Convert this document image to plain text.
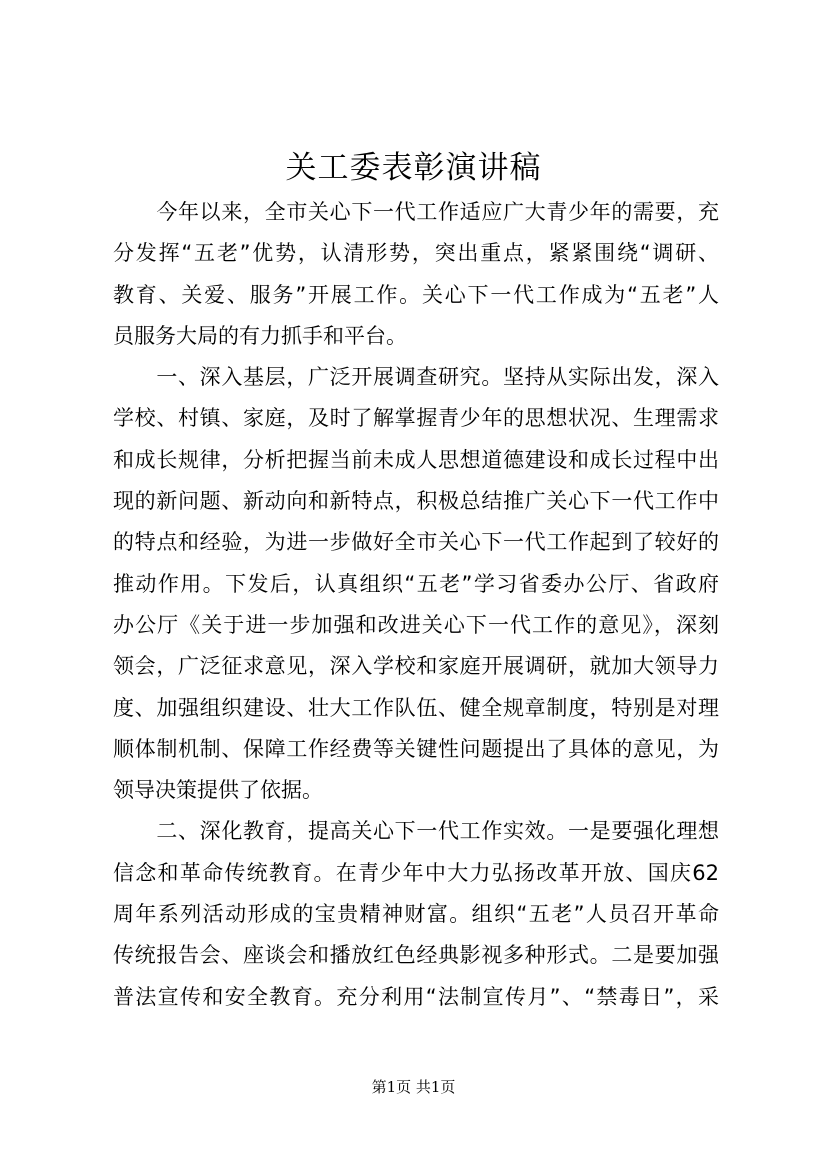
关工委表彰演讲稿
　　今年以来，全市关心下一代工作适应广大青少年的需要，充
分发挥“五老”优势，认清形势，突出重点，紧紧围绕“调研、
教育、关爱、服务”开展工作。关心下一代工作成为“五老”人
员服务大局的有力抓手和平台。
　　一、深入基层，广泛开展调查研究。坚持从实际出发，深入
学校、村镇、家庭，及时了解掌握青少年的思想状况、生理需求
和成长规律，分析把握当前未成人思想道德建设和成长过程中出
现的新问题、新动向和新特点，积极总结推广关心下一代工作中
的特点和经验，为进一步做好全市关心下一代工作起到了较好的
推动作用。下发后，认真组织“五老”学习省委办公厅、省政府
办公厅《关于进一步加强和改进关心下一代工作的意见》，深刻
领会，广泛征求意见，深入学校和家庭开展调研，就加大领导力
度、加强组织建设、壮大工作队伍、健全规章制度，特别是对理
顺体制机制、保障工作经费等关键性问题提出了具体的意见，为
领导决策提供了依据。
　　二、深化教育，提高关心下一代工作实效。一是要强化理想
信念和革命传统教育。在青少年中大力弘扬改革开放、国庆62
周年系列活动形成的宝贵精神财富。组织“五老”人员召开革命
传统报告会、座谈会和播放红色经典影视多种形式。二是要加强
普法宣传和安全教育。充分利用“法制宣传月”、“禁毒日”，采
第1页 共1页
